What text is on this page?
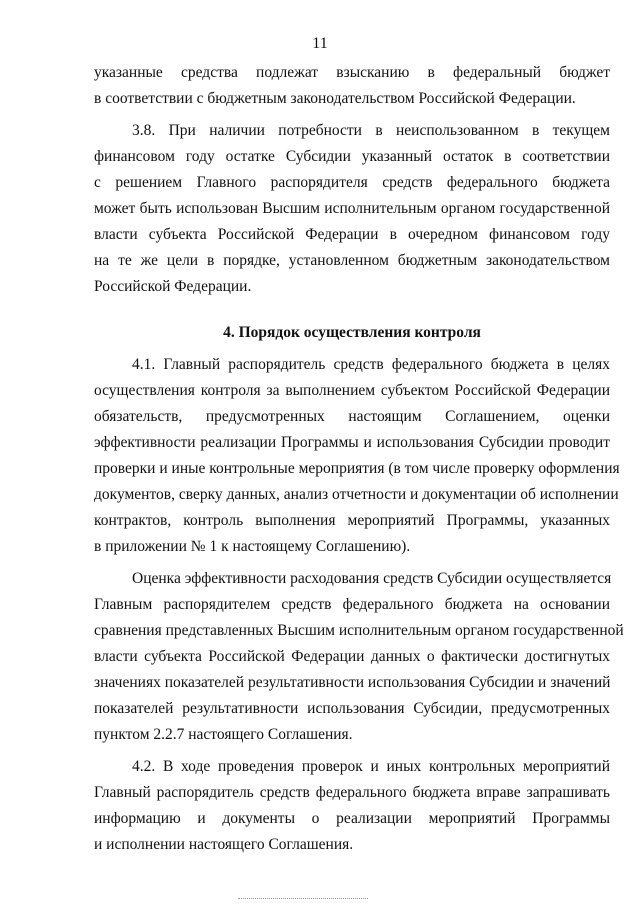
11

указанные средства подлежат взысканию в федеральный бюджет
в соответствии с бюджетным законодательством Российской Федерации.

3.8. При наличии потребности в неиспользованном в текущем
финансовом году остатке Субсидии указанный остаток в соответствии
с решением Главного распорядителя средств федерального бюджета
может быть использован Высшим исполнительным органом государственной
власти субъекта Российской Федерации в очередном финансовом году
на те же цели в порядке, установленном бюджетным законодательством
Российской Федерации.

4. Порядок осуществления контроля

4.1. Главный распорядитель средств федерального бюджета в целях
осуществления контроля за выполнением субъектом Российской Федерации
обязательств, предусмотренных настоящим Соглашением, оценки
эффективности реализации Программы и использования Субсидии проводит
проверки и иные контрольные мероприятия (в том числе проверку оформления
документов, сверку данных, анализ отчетности и документации об исполнении
контрактов, контроль выполнения мероприятий Программы, указанных
в приложении № 1 к настоящему Соглашению).

Оценка эффективности расходования средств Субсидии осуществляется
Главным распорядителем средств федерального бюджета на основании
сравнения представленных Высшим исполнительным органом государственной
власти субъекта Российской Федерации данных о фактически достигнутых
значениях показателей результативности использования Субсидии и значений
показателей результативности использования Субсидии, предусмотренных
пунктом 2.2.7 настоящего Соглашения.

4.2. В ходе проведения проверок и иных контрольных мероприятий
Главный распорядитель средств федерального бюджета вправе запрашивать
информацию и документы о реализации мероприятий Программы
и исполнении настоящего Соглашения.
